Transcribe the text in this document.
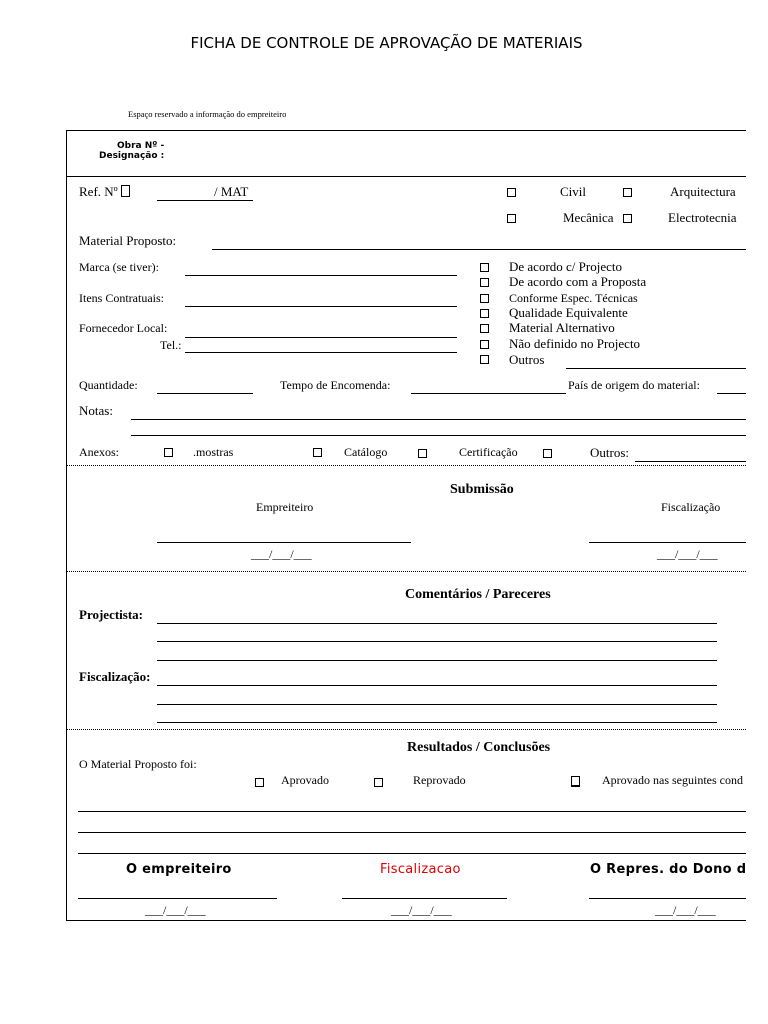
FICHA DE CONTROLE DE APROVAÇÃO DE MATERIAIS
Espaço reservado a informação do empreiteiro
Obra Nº -
Designação :
Ref. Nº	/ MAT	Civil	Arquitectura
Mecânica	Electrotecnia
Material Proposto:
Marca (se tiver):
Itens Contratuais:
Fornecedor Local:
Tel.:
De acordo c/ Projecto
De acordo com a Proposta
Conforme Espec. Técnicas
Qualidade Equivalente
Material Alternativo
Não definido no Projecto
Outros
Quantidade:	Tempo de Encomenda:	País de origem do material:
Notas:
Anexos:	.mostras	Catálogo	Certificação	Outros:
Submissão
Empreiteiro	Fiscalização
___/___/___	___/___/___
Comentários / Pareceres
Projectista:
Fiscalização:
Resultados / Conclusões
O Material Proposto foi:
Aprovado	Reprovado	Aprovado nas seguintes cond
O empreiteiro	Fiscalizacao	O Repres. do Dono d
___/___/___	___/___/___	___/___/___
